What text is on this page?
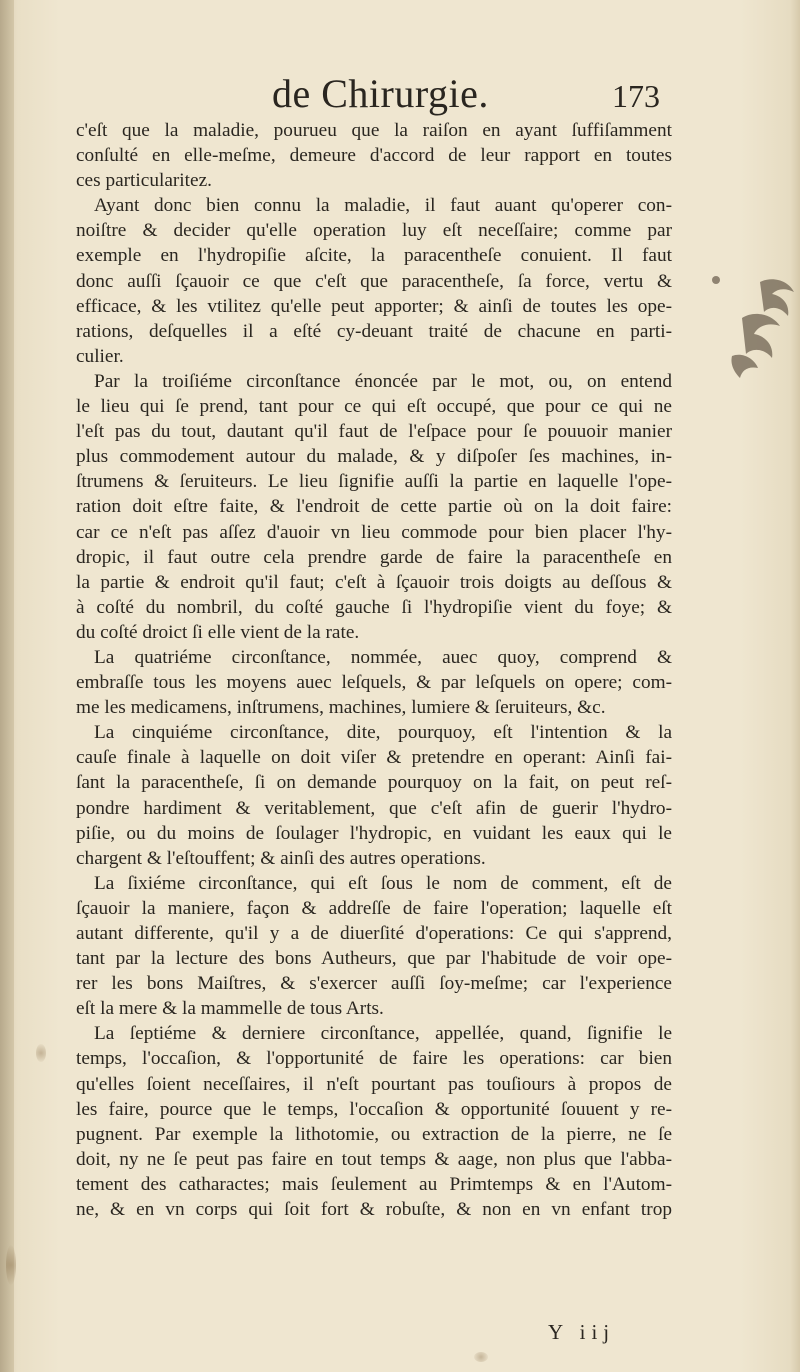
de Chirurgie.	173
c'eſt que la maladie, pourueu que la raiſon en ayant ſuffiſamment
conſulté en elle-meſme, demeure d'accord de leur rapport en toutes
ces particularitez.
Ayant donc bien connu la maladie, il faut auant qu'operer con-
noiſtre & decider qu'elle operation luy eſt neceſſaire; comme par
exemple en l'hydropiſie aſcite, la paracentheſe conuient. Il faut
donc auſſi ſçauoir ce que c'eſt que paracentheſe, ſa force, vertu &
efficace, & les vtilitez qu'elle peut apporter; & ainſi de toutes les ope-
rations, deſquelles il a eſté cy-deuant traité de chacune en parti-
culier.
Par la troiſiéme circonſtance énoncée par le mot, ou, on entend
le lieu qui ſe prend, tant pour ce qui eſt occupé, que pour ce qui ne
l'eſt pas du tout, dautant qu'il faut de l'eſpace pour ſe pouuoir manier
plus commodement autour du malade, & y diſpoſer ſes machines, in-
ſtrumens & ſeruiteurs. Le lieu ſignifie auſſi la partie en laquelle l'ope-
ration doit eſtre faite, & l'endroit de cette partie où on la doit faire:
car ce n'eſt pas aſſez d'auoir vn lieu commode pour bien placer l'hy-
dropic, il faut outre cela prendre garde de faire la paracentheſe en
la partie & endroit qu'il faut; c'eſt à ſçauoir trois doigts au deſſous &
à coſté du nombril, du coſté gauche ſi l'hydropiſie vient du foye; &
du coſté droict ſi elle vient de la rate.
La quatriéme circonſtance, nommée, auec quoy, comprend &
embraſſe tous les moyens auec leſquels, & par leſquels on opere; com-
me les medicamens, inſtrumens, machines, lumiere & ſeruiteurs, &c.
La cinquiéme circonſtance, dite, pourquoy, eſt l'intention & la
cauſe finale à laquelle on doit viſer & pretendre en operant: Ainſi fai-
ſant la paracentheſe, ſi on demande pourquoy on la fait, on peut reſ-
pondre hardiment & veritablement, que c'eſt afin de guerir l'hydro-
piſie, ou du moins de ſoulager l'hydropic, en vuidant les eaux qui le
chargent & l'eſtouffent; & ainſi des autres operations.
La ſixiéme circonſtance, qui eſt ſous le nom de comment, eſt de
ſçauoir la maniere, façon & addreſſe de faire l'operation; laquelle eſt
autant differente, qu'il y a de diuerſité d'operations: Ce qui s'apprend,
tant par la lecture des bons Autheurs, que par l'habitude de voir ope-
rer les bons Maiſtres, & s'exercer auſſi ſoy-meſme; car l'experience
eſt la mere & la mammelle de tous Arts.
La ſeptiéme & derniere circonſtance, appellée, quand, ſignifie le
temps, l'occaſion, & l'opportunité de faire les operations: car bien
qu'elles ſoient neceſſaires, il n'eſt pourtant pas touſiours à propos de
les faire, pource que le temps, l'occaſion & opportunité ſouuent y re-
pugnent. Par exemple la lithotomie, ou extraction de la pierre, ne ſe
doit, ny ne ſe peut pas faire en tout temps & aage, non plus que l'abba-
tement des catharactes; mais ſeulement au Primtemps & en l'Autom-
ne, & en vn corps qui ſoit fort & robuſte, & non en vn enfant trop
Y iij
